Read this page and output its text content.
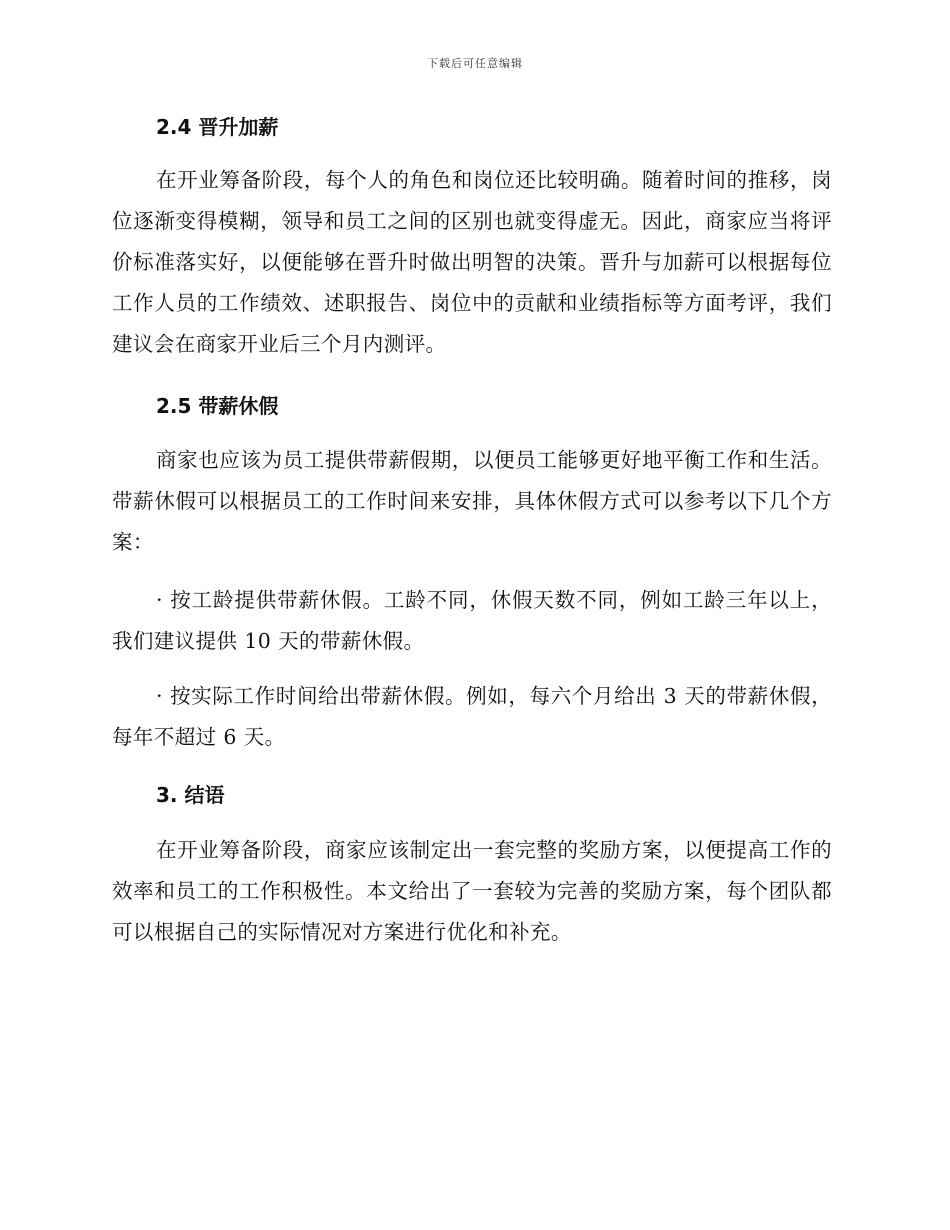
下载后可任意编辑
2.4 晋升加薪
在开业筹备阶段，每个人的角色和岗位还比较明确。随着时间的推移，岗位逐渐变得模糊，领导和员工之间的区别也就变得虚无。因此，商家应当将评价标准落实好，以便能够在晋升时做出明智的决策。晋升与加薪可以根据每位工作人员的工作绩效、述职报告、岗位中的贡献和业绩指标等方面考评，我们建议会在商家开业后三个月内测评。
2.5 带薪休假
商家也应该为员工提供带薪假期，以便员工能够更好地平衡工作和生活。带薪休假可以根据员工的工作时间来安排，具体休假方式可以参考以下几个方案：
· 按工龄提供带薪休假。工龄不同，休假天数不同，例如工龄三年以上，我们建议提供 10 天的带薪休假。
· 按实际工作时间给出带薪休假。例如，每六个月给出 3 天的带薪休假，每年不超过 6 天。
3. 结语
在开业筹备阶段，商家应该制定出一套完整的奖励方案，以便提高工作的效率和员工的工作积极性。本文给出了一套较为完善的奖励方案，每个团队都可以根据自己的实际情况对方案进行优化和补充。
